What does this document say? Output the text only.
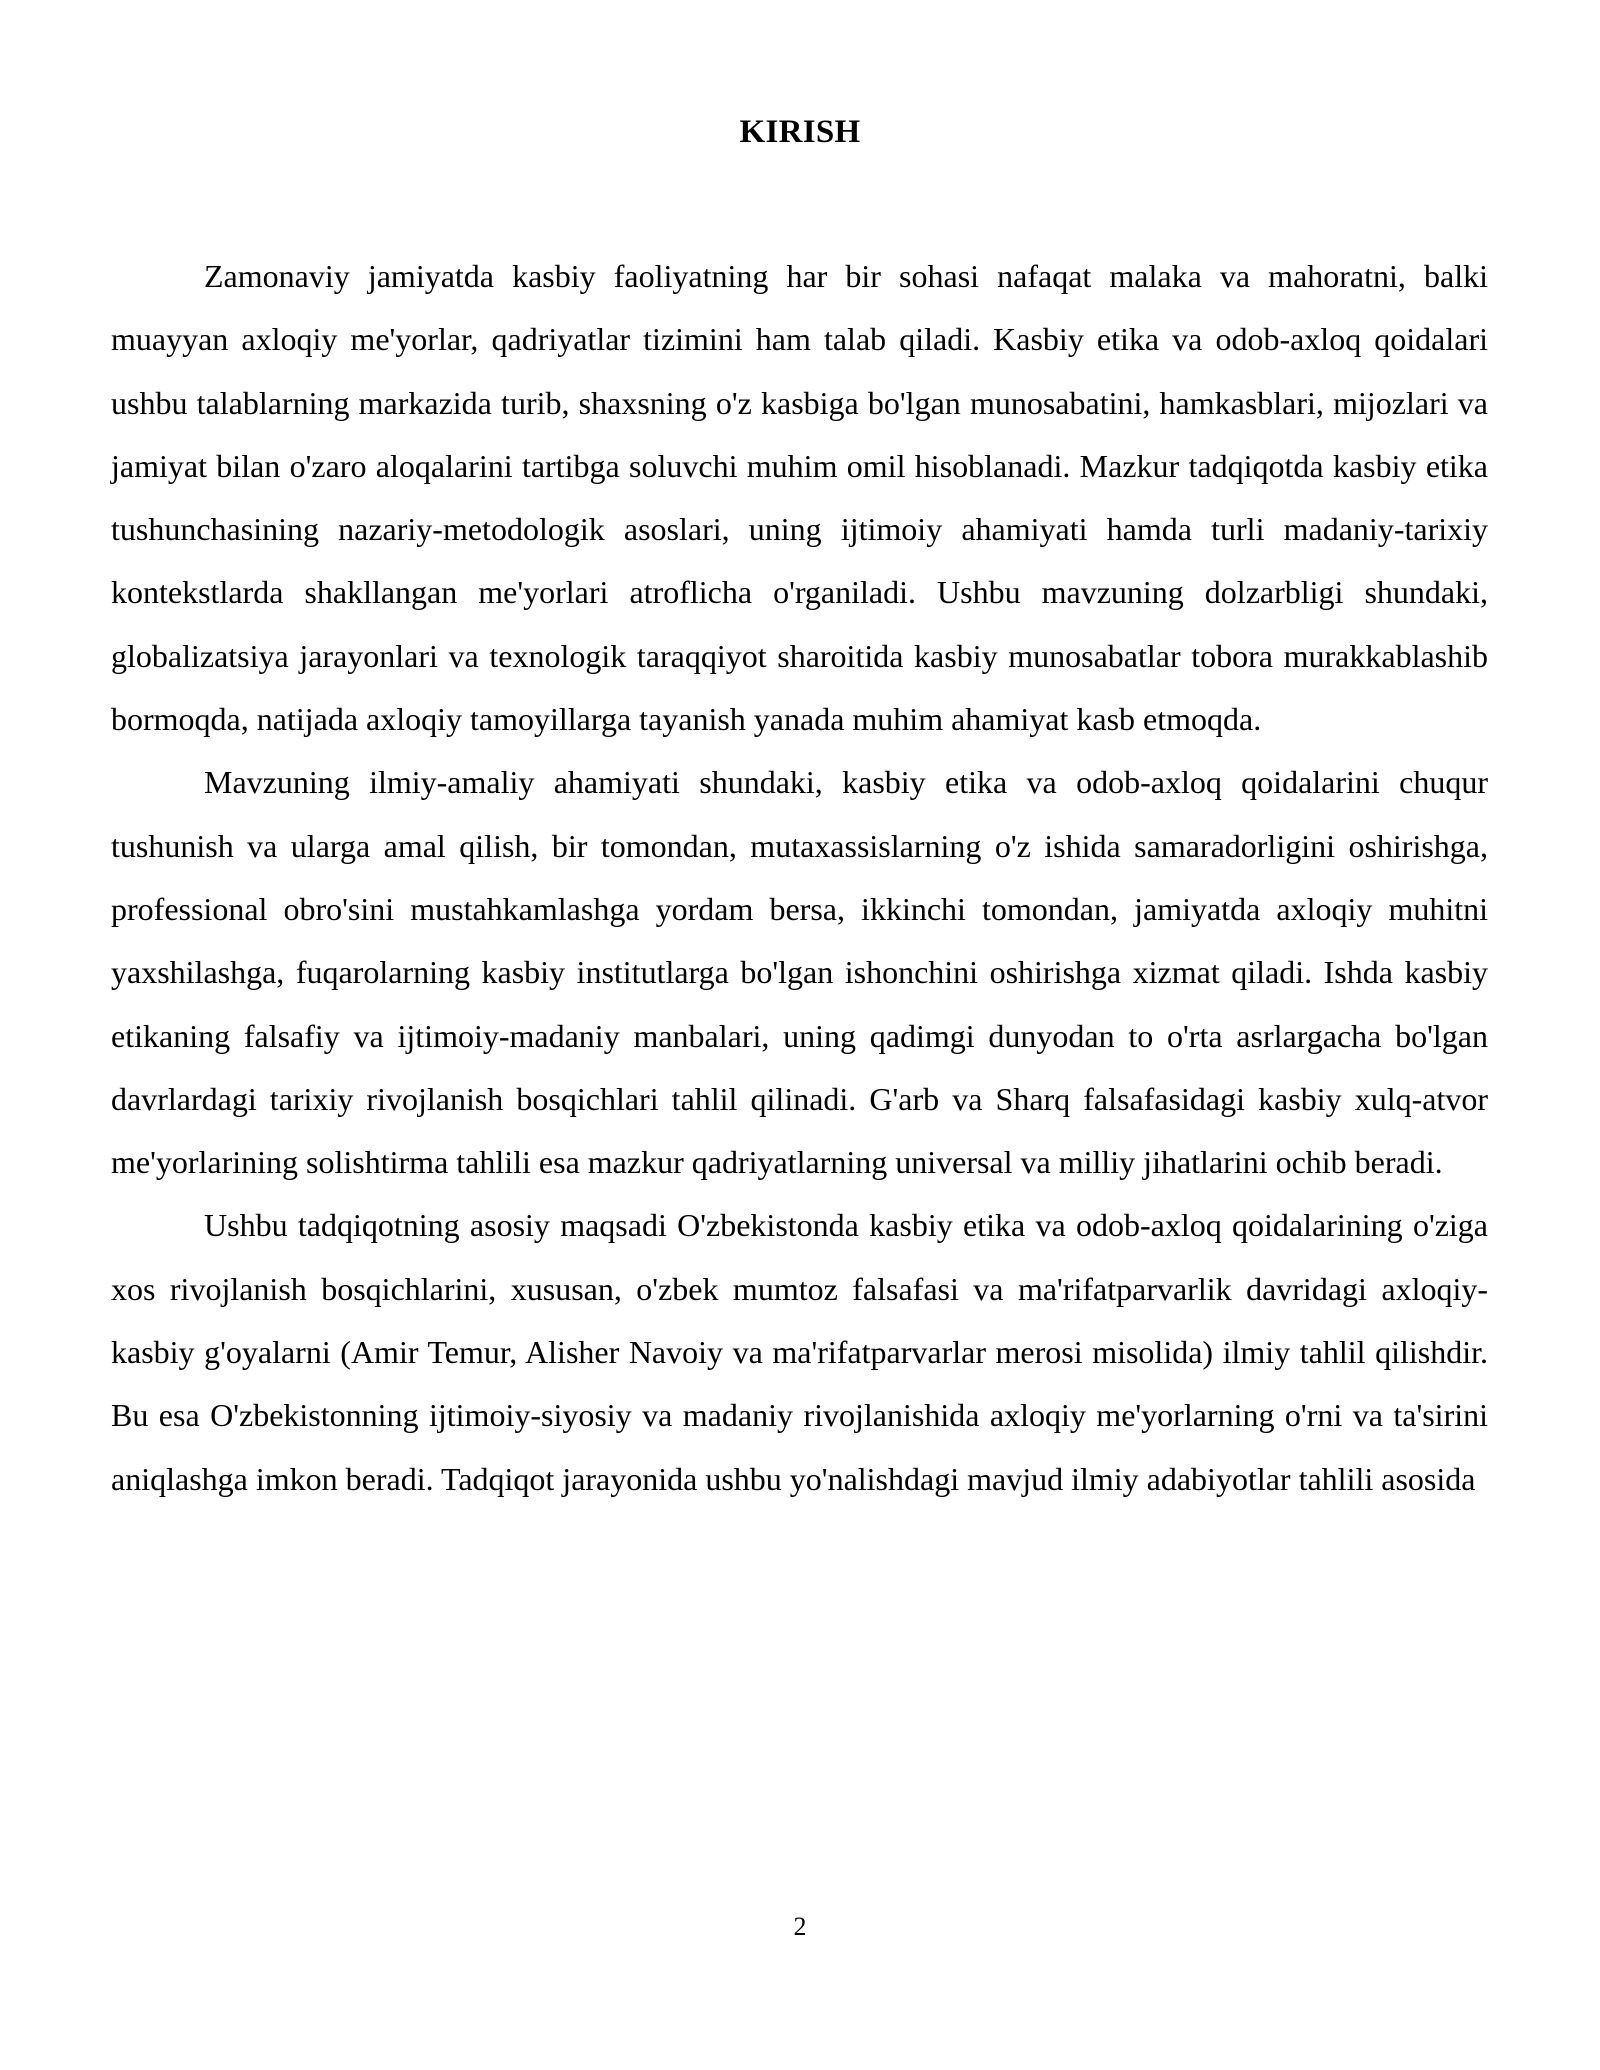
KIRISH

Zamonaviy jamiyatda kasbiy faoliyatning har bir sohasi nafaqat malaka va mahoratni, balki muayyan axloqiy me'yorlar, qadriyatlar tizimini ham talab qiladi. Kasbiy etika va odob-axloq qoidalari ushbu talablarning markazida turib, shaxsning o'z kasbiga bo'lgan munosabatini, hamkasblari, mijozlari va jamiyat bilan o'zaro aloqalarini tartibga soluvchi muhim omil hisoblanadi. Mazkur tadqiqotda kasbiy etika tushunchasining nazariy-metodologik asoslari, uning ijtimoiy ahamiyati hamda turli madaniy-tarixiy kontekstlarda shakllangan me'yorlari atroflicha o'rganiladi. Ushbu mavzuning dolzarbligi shundaki, globalizatsiya jarayonlari va texnologik taraqqiyot sharoitida kasbiy munosabatlar tobora murakkablashib bormoqda, natijada axloqiy tamoyillarga tayanish yanada muhim ahamiyat kasb etmoqda.

Mavzuning ilmiy-amaliy ahamiyati shundaki, kasbiy etika va odob-axloq qoidalarini chuqur tushunish va ularga amal qilish, bir tomondan, mutaxassislarning o'z ishida samaradorligini oshirishga, professional obro'sini mustahkamlashga yordam bersa, ikkinchi tomondan, jamiyatda axloqiy muhitni yaxshilashga, fuqarolarning kasbiy institutlarga bo'lgan ishonchini oshirishga xizmat qiladi. Ishda kasbiy etikaning falsafiy va ijtimoiy-madaniy manbalari, uning qadimgi dunyodan to o'rta asrlargacha bo'lgan davrlardagi tarixiy rivojlanish bosqichlari tahlil qilinadi. G'arb va Sharq falsafasidagi kasbiy xulq-atvor me'yorlarining solishtirma tahlili esa mazkur qadriyatlarning universal va milliy jihatlarini ochib beradi.

Ushbu tadqiqotning asosiy maqsadi O'zbekistonda kasbiy etika va odob-axloq qoidalarining o'ziga xos rivojlanish bosqichlarini, xususan, o'zbek mumtoz falsafasi va ma'rifatparvarlik davridagi axloqiy-kasbiy g'oyalarni (Amir Temur, Alisher Navoiy va ma'rifatparvarlar merosi misolida) ilmiy tahlil qilishdir. Bu esa O'zbekistonning ijtimoiy-siyosiy va madaniy rivojlanishida axloqiy me'yorlarning o'rni va ta'sirini aniqlashga imkon beradi. Tadqiqot jarayonida ushbu yo'nalishdagi mavjud ilmiy adabiyotlar tahlili asosida

2
